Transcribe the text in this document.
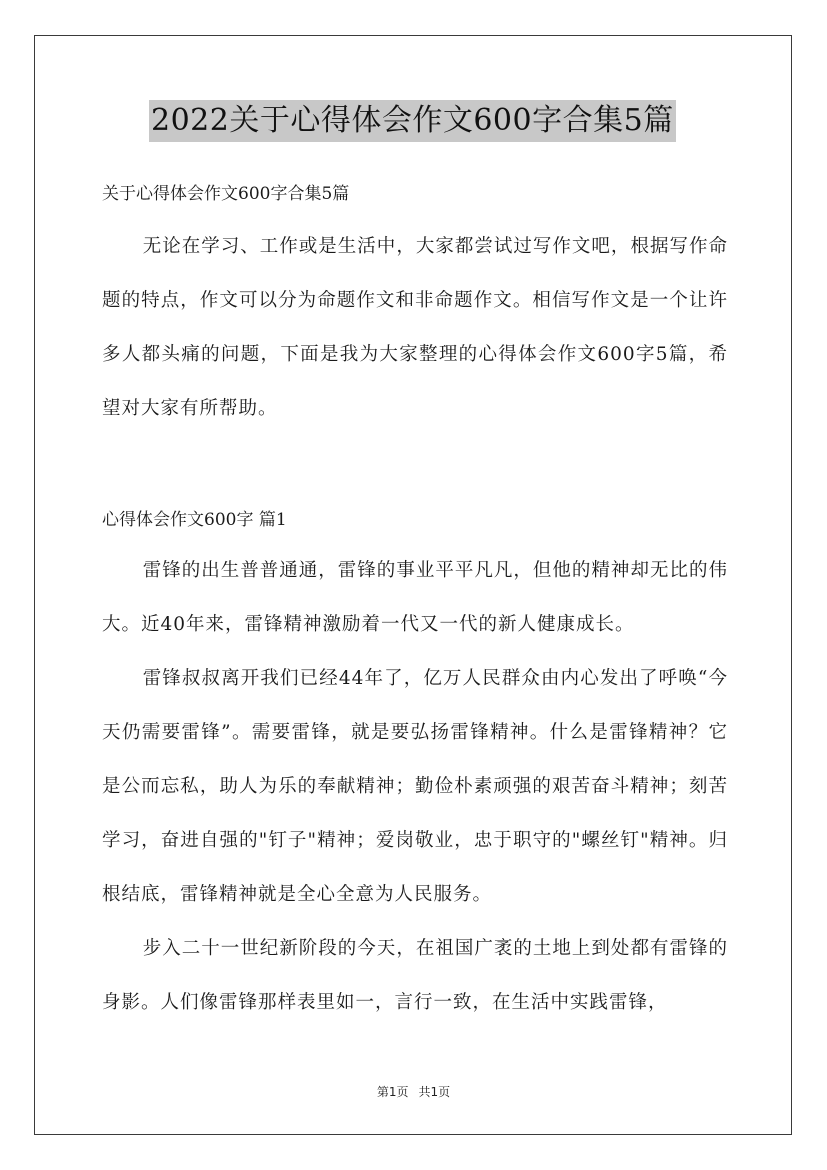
2022关于心得体会作文600字合集5篇
关于心得体会作文600字合集5篇

无论在学习、工作或是生活中，大家都尝试过写作文吧，根据写作命题的特点，作文可以分为命题作文和非命题作文。相信写作文是一个让许多人都头痛的问题，下面是我为大家整理的心得体会作文600字5篇，希望对大家有所帮助。

心得体会作文600字 篇1

雷锋的出生普普通通，雷锋的事业平平凡凡，但他的精神却无比的伟大。近40年来，雷锋精神激励着一代又一代的新人健康成长。

雷锋叔叔离开我们已经44年了，亿万人民群众由内心发出了呼唤“今天仍需要雷锋”。需要雷锋，就是要弘扬雷锋精神。什么是雷锋精神？它是公而忘私，助人为乐的奉献精神；勤俭朴素顽强的艰苦奋斗精神；刻苦学习，奋进自强的"钉子"精神；爱岗敬业，忠于职守的"螺丝钉"精神。归根结底，雷锋精神就是全心全意为人民服务。

步入二十一世纪新阶段的今天，在祖国广袤的土地上到处都有雷锋的身影。人们像雷锋那样表里如一，言行一致，在生活中实践雷锋，

第1页 共1页
